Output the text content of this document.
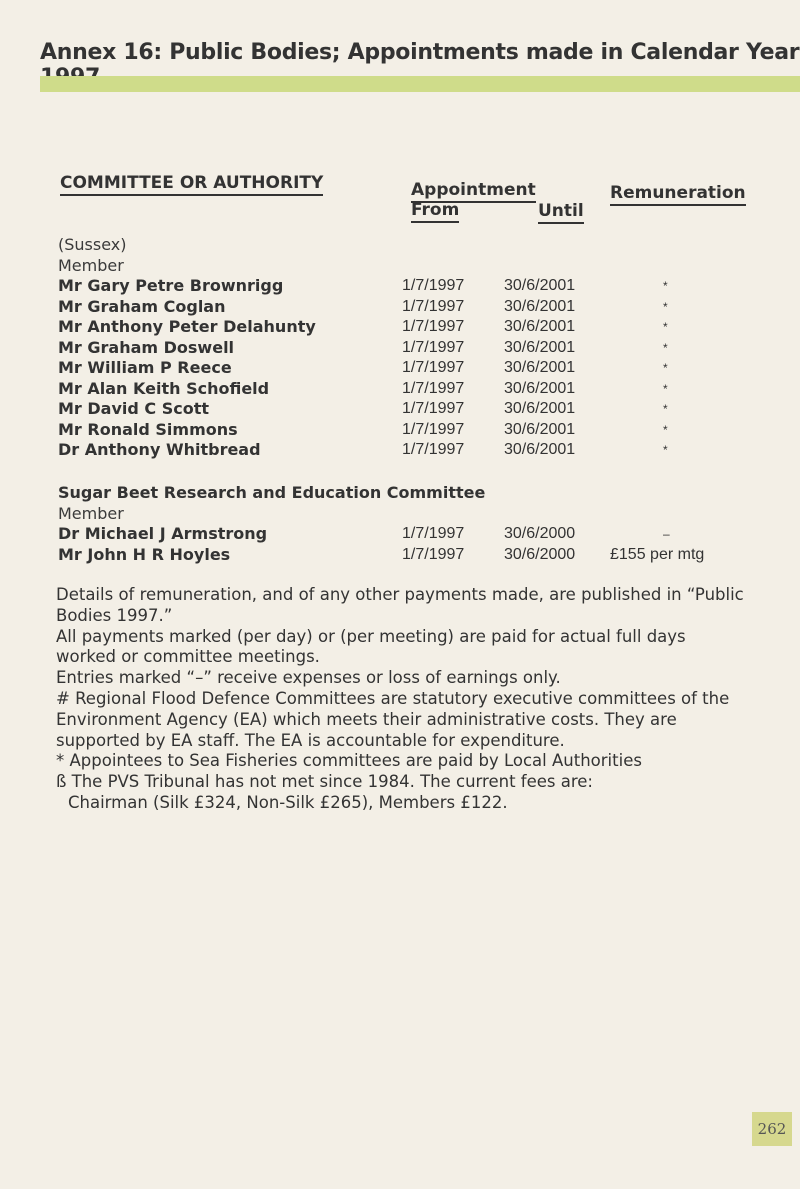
Annex 16: Public Bodies; Appointments made in Calendar Year
COMMITTEE OR AUTHORITY	Appointment
From	Until
Remuneration
(Sussex)
Member
Mr Gary Petre Brownrigg	1/7/1997 30/6/2001	*
Mr Graham Coglan	1/7/1997 30/6/2001	*
Mr Anthony Peter Delahunty	1/7/1997 30/6/2001	*
Mr Graham Doswell	1/7/1997 30/6/2001	*
Mr William P Reece	1/7/1997 30/6/2001	*
Mr Alan Keith Schofield	1/7/1997 30/6/2001	*
Mr David C Scott	1/7/1997 30/6/2001	*
Mr Ronald Simmons	1/7/1997 30/6/2001	*
Dr Anthony Whitbread	1/7/1997 30/6/2001	*
Sugar Beet Research and Education Committee
Member
Dr Michael J Armstrong	1/7/1997 30/6/2000	–
Mr John H R Hoyles	1/7/1997 30/6/2000 £155 per mtg

Details of remuneration, and of any other payments made, are published in “Public Bodies 1997.”

All payments marked (per day) or (per meeting) are paid for actual full days worked or committee meetings.

Entries marked “–” receive expenses or loss of earnings only.

# Regional Flood Defence Committees are statutory executive committees of the Environment Agency (EA) which meets their administrative costs. They are supported by EA staff. The EA is accountable for expenditure.

* Appointees to Sea Fisheries committees are paid by Local Authorities

ß The PVS Tribunal has not met since 1984. The current fees are:

Chairman (Silk £324, Non-Silk £265), Members £122.

262
